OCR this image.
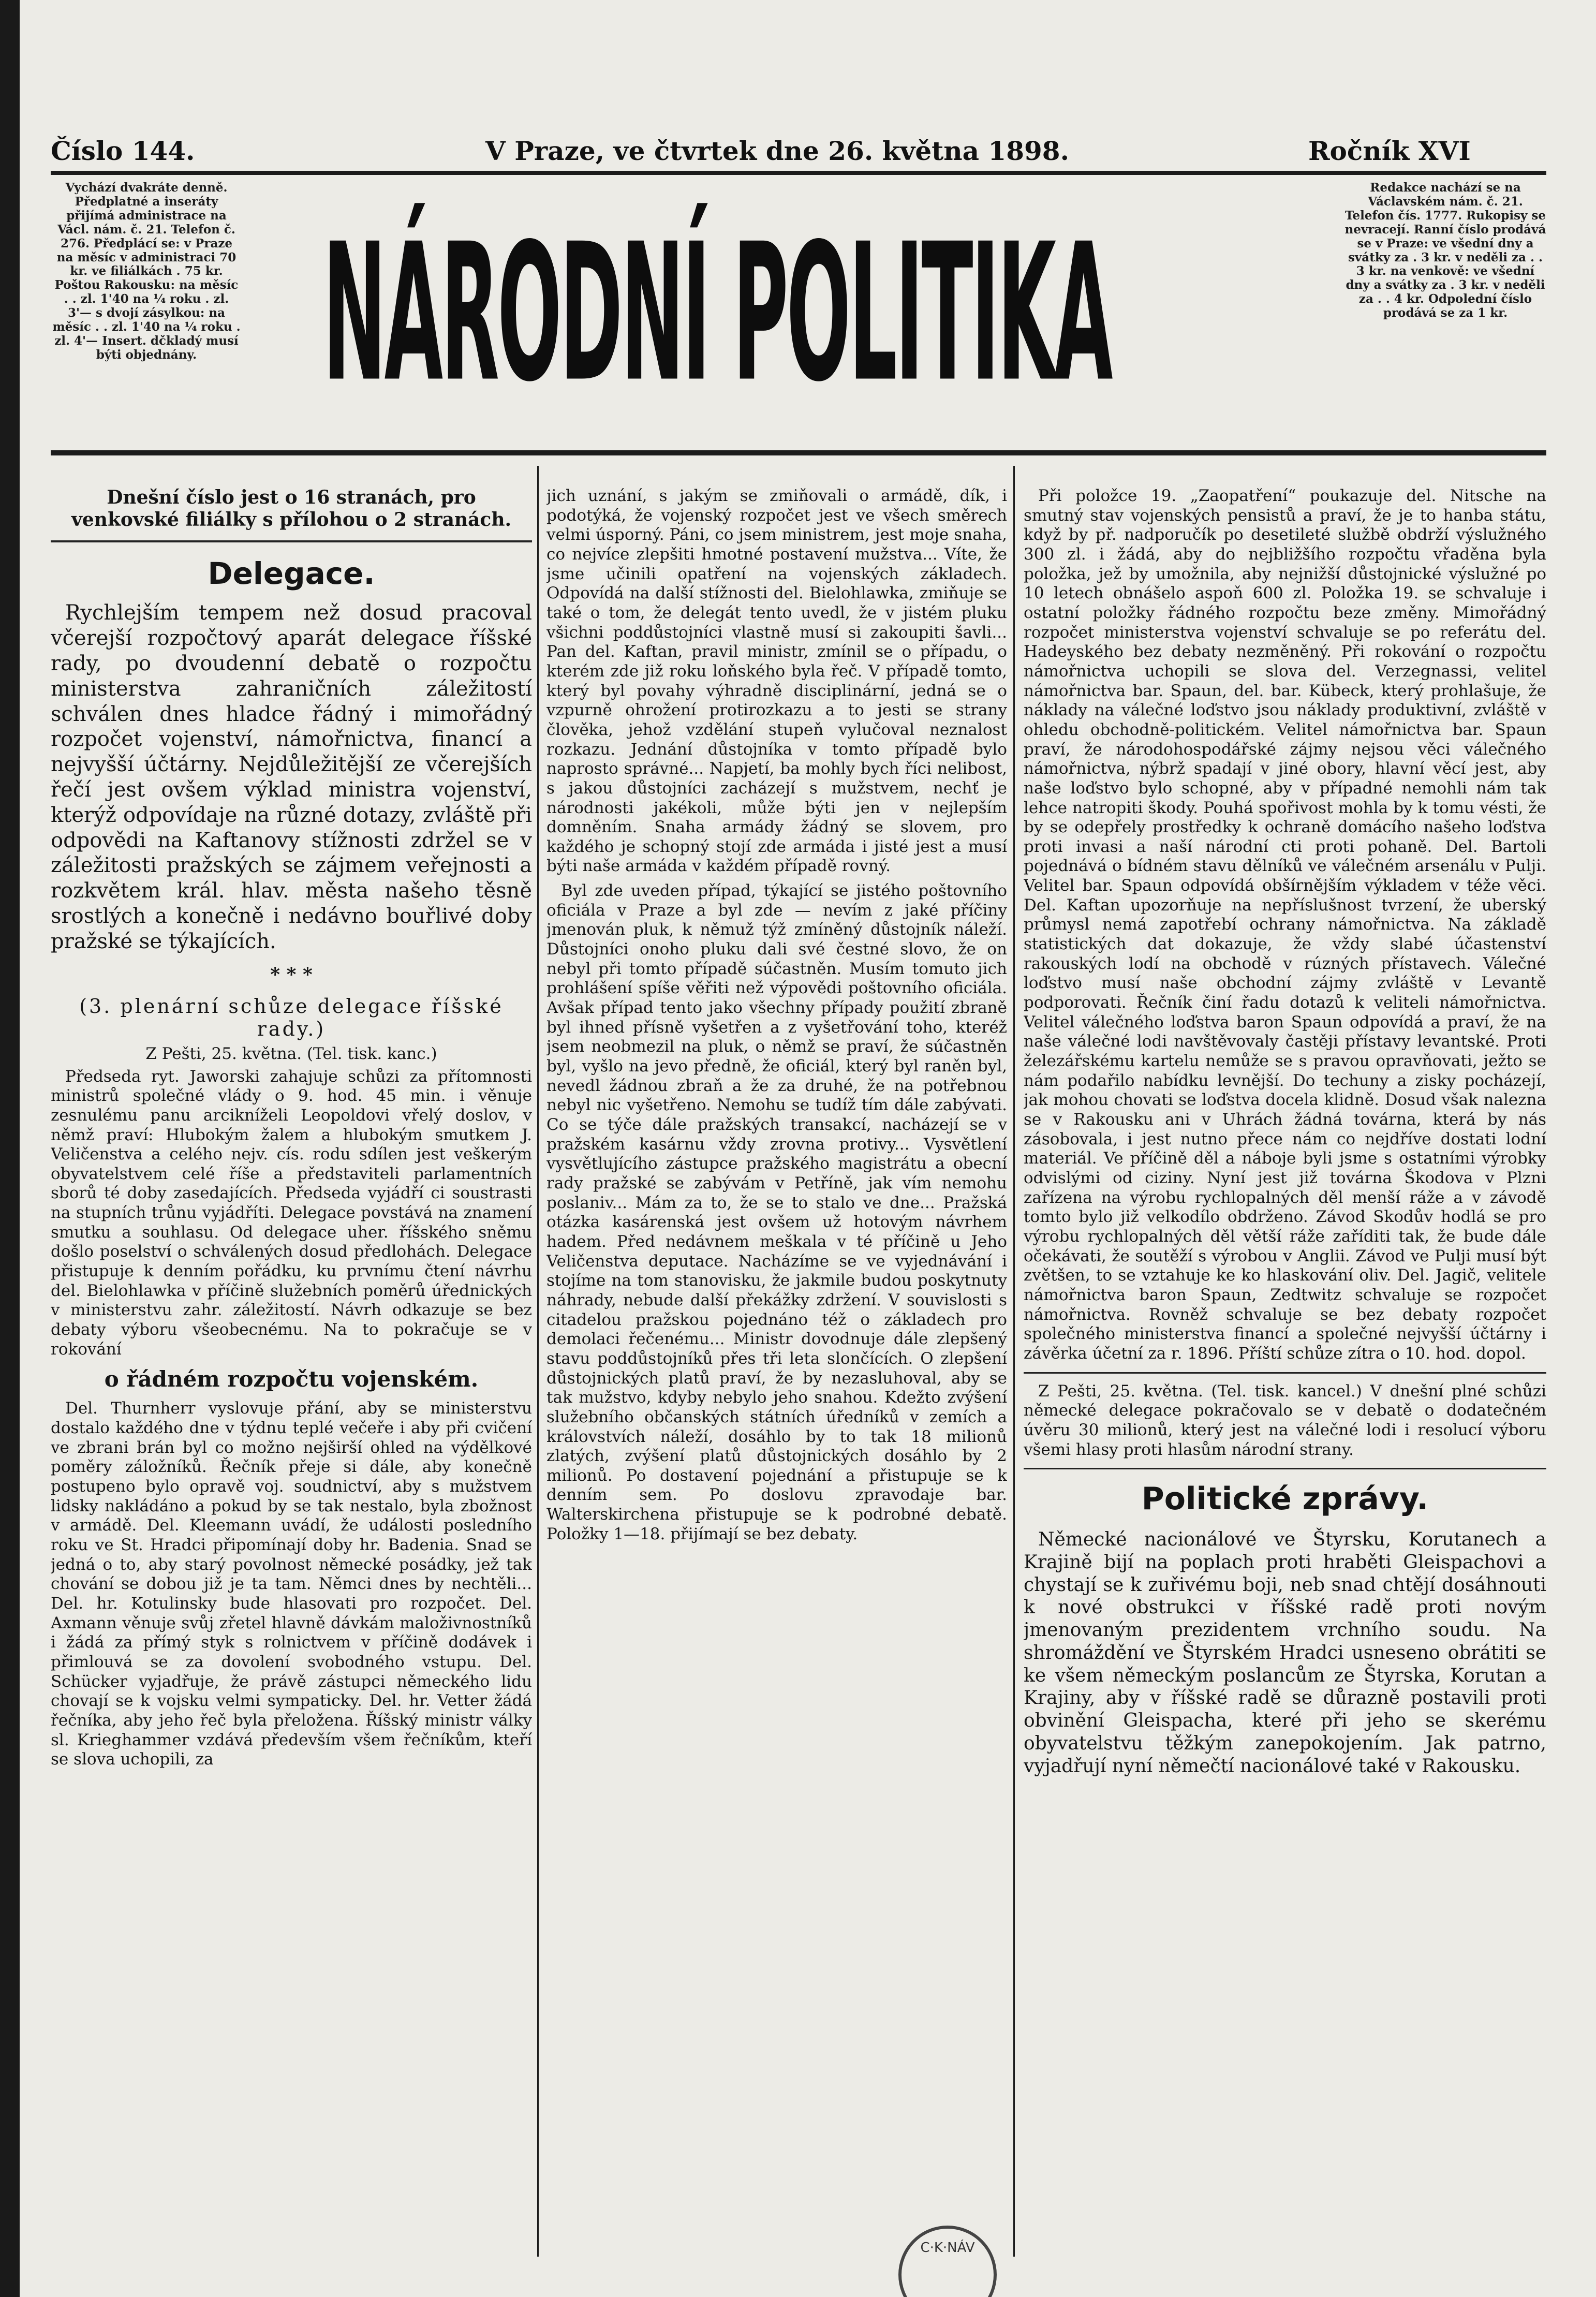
Číslo 144.	V Praze, ve čtvrtek dne 26. května 1898.	Ročník XVI
Vychází dvakráte denně. Předplatné a inseráty přijímá administrace na Václ. nám. č. 21. Telefon č. 276. Předplácí se: v Praze na měsíc v administraci 70 kr. ve filiálkách . 75 kr. Poštou Rakousku: na měsíc . . zl. 1'40 na ¼ roku . zl. 3'— s dvojí zásylkou: na měsíc . . zl. 1'40 na ¼ roku . zl. 4'— Insert. dčkladý musí býti objednány.	NÁRODNÍ POLITIKA
Redakce nachází se na Václavském nám. č. 21. Telefon čís. 1777. Rukopisy se nevracejí. Ranní číslo prodává se v Praze: ve všední dny a svátky za . 3 kr. v neděli za . . 3 kr. na venkově: ve všední dny a svátky za . 3 kr. v neděli za . . 4 kr. Odpolední číslo prodává se za 1 kr.

Dnešní číslo jest o 16 stranách, pro venkovské filiálky s přílohou o 2 stranách.

Delegace.

Rychlejším tempem než dosud pracoval včerejší rozpočtový aparát delegace říšské rady, po dvoudenní debatě o rozpočtu ministerstva zahraničních záležitostí schválen dnes hladce řádný i mimořádný rozpočet vojenství, námořnictva, financí a nejvyšší účtárny. Nejdůležitější ze včerejších řečí jest ovšem výklad ministra vojenství, kterýž odpovídaje na různé dotazy, zvláště při odpovědi na Kaftanovy stížnosti zdržel se v záležitosti pražských se zájmem veřejnosti a rozkvětem král. hlav. města našeho těsně srostlých a konečně i nedávno bouřlivé doby pražské se týkajících.

* * *

(3. plenární schůze delegace říšské rady.)

Z Pešti, 25. května. (Tel. tisk. kanc.)

Předseda ryt. Jaworski zahajuje schůzi za přítomnosti ministrů společné vlády o 9. hod. 45 min. i věnuje zesnulému panu arcikníželi Leopoldovi vřelý doslov, v němž praví: Hlubokým žalem a hlubokým smutkem J. Veličenstva a celého nejv. cís. rodu sdílen jest veškerým obyvatelstvem celé říše a představiteli parlamentních sborů té doby zasedajících. Předseda vyjádří ci soustrasti na stupních trůnu vyjádříti. Delegace povstává na znamení smutku a souhlasu. Od delegace uher. říšského sněmu došlo poselství o schválených dosud předlohách. Delegace přistupuje k denním pořádku, ku prvnímu čtení návrhu del. Bielohlawka v příčině služebních poměrů úřednických v ministerstvu zahr. záležitostí. Návrh odkazuje se bez debaty výboru všeobecnému. Na to pokračuje se v rokování

o řádném rozpočtu vojenském.

Del. Thurnherr vyslovuje přání, aby se ministerstvu dostalo každého dne v týdnu teplé večeře i aby při cvičení ve zbrani brán byl co možno nejširší ohled na výdělkové poměry záložníků. Řečník přeje si dále, aby konečně postupeno bylo opravě voj. soudnictví, aby s mužstvem lidsky nakládáno a pokud by se tak nestalo, byla zbožnost v armádě. Del. Kleemann uvádí, že události posledního roku ve St. Hradci připomínají doby hr. Badenia. Snad se jedná o to, aby starý povolnost německé posádky, jež tak chování se dobou již je ta tam. Němci dnes by nechtěli... Del. hr. Kotulinsky bude hlasovati pro rozpočet. Del. Axmann věnuje svůj zřetel hlavně dávkám maloživnostníků i žádá za přímý styk s rolnictvem v příčině dodávek i přimlouvá se za dovolení svobodného vstupu. Del. Schücker vyjadřuje, že právě zástupci německého lidu chovají se k vojsku velmi sympaticky. Del. hr. Vetter žádá řečníka, aby jeho řeč byla přeložena. Říšský ministr války sl. Krieghammer vzdává především všem řečníkům, kteří se slova uchopili, za

jich uznání, s jakým se zmiňovali o armádě, dík, i podotýká, že vojenský rozpočet jest ve všech směrech velmi úsporný. Páni, co jsem ministrem, jest moje snaha, co nejvíce zlepšiti hmotné postavení mužstva... Víte, že jsme učinili opatření na vojenských základech. Odpovídá na další stížnosti del. Bielohlawka, zmiňuje se také o tom, že delegát tento uvedl, že v jistém pluku všichni poddůstojníci vlastně musí si zakoupiti šavli... Pan del. Kaftan, pravil ministr, zmínil se o případu, o kterém zde již roku loňského byla řeč. V případě tomto, který byl povahy výhradně disciplinární, jedná se o vzpurně ohrožení protirozkazu a to jesti se strany člověka, jehož vzdělání stupeň vylučoval neznalost rozkazu. Jednání důstojníka v tomto případě bylo naprosto správné... Napjetí, ba mohly bych říci nelibost, s jakou důstojníci zacházejí s mužstvem, nechť je národnosti jakékoli, může býti jen v nejlepším domněním. Snaha armády žádný se slovem, pro každého je schopný stojí zde armáda i jisté jest a musí býti naše armáda v každém případě rovný.

Byl zde uveden případ, týkající se jistého poštovního oficiála v Praze a byl zde — nevím z jaké příčiny jmenován pluk, k němuž týž zmíněný důstojník náleží. Důstojníci onoho pluku dali své čestné slovo, že on nebyl při tomto případě súčastněn. Musím tomuto jich prohlášení spíše věřiti než výpovědi poštovního oficiála. Avšak případ tento jako všechny případy použití zbraně byl ihned přísně vyšetřen a z vyšetřování toho, kteréž jsem neobmezil na pluk, o němž se praví, že súčastněn byl, vyšlo na jevo předně, že oficiál, který byl raněn byl, nevedl žádnou zbraň a že za druhé, že na potřebnou nebyl nic vyšetřeno. Nemohu se tudíž tím dále zabývati. Co se týče dále pražských transakcí, nacházejí se v pražském kasárnu vždy zrovna protivy... Vysvětlení vysvětlujícího zástupce pražského magistrátu a obecní rady pražské se zabývám v Petříně, jak vím nemohu poslaniv... Mám za to, že se to stalo ve dne... Pražská otázka kasárenská jest ovšem už hotovým návrhem hadem. Před nedávnem meškala v té příčině u Jeho Veličenstva deputace. Nacházíme se ve vyjednávání i stojíme na tom stanovisku, že jakmile budou poskytnuty náhrady, nebude další překážky zdržení. V souvislosti s citadelou pražskou pojednáno též o základech pro demolaci řečenému... Ministr dovodnuje dále zlepšený stavu poddůstojníků přes tři leta slončících. O zlepšení důstojnických platů praví, že by nezasluhoval, aby se tak mužstvo, kdyby nebylo jeho snahou. Kdežto zvýšení služebního občanských státních úředníků v zemích a královstvích náleží, dosáhlo by to tak 18 milionů zlatých, zvýšení platů důstojnických dosáhlo by 2 milionů. Po dostavení pojednání a přistupuje se k denním sem. Po doslovu zpravodaje bar. Walterskirchena přistupuje se k podrobné debatě. Položky 1—18. přijímají se bez debaty.

Při položce 19. „Zaopatření“ poukazuje del. Nitsche na smutný stav vojenských pensistů a praví, že je to hanba státu, když by př. nadporučík po desetileté službě obdrží výslužného 300 zl. i žádá, aby do nejbližšího rozpočtu vřaděna byla položka, jež by umožnila, aby nejnižší důstojnické výslužné po 10 letech obnášelo aspoň 600 zl. Položka 19. se schvaluje i ostatní položky řádného rozpočtu beze změny. Mimořádný rozpočet ministerstva vojenství schvaluje se po referátu del. Hadeyského bez debaty nezměněný. Při rokování o rozpočtu námořnictva uchopili se slova del. Verzegnassi, velitel námořnictva bar. Spaun, del. bar. Kübeck, který prohlašuje, že náklady na válečné loďstvo jsou náklady produktivní, zvláště v ohledu obchodně-politickém. Velitel námořnictva bar. Spaun praví, že národohospodářské zájmy nejsou věci válečného námořnictva, nýbrž spadají v jiné obory, hlavní věcí jest, aby naše loďstvo bylo schopné, aby v případné nemohli nám tak lehce natropiti škody. Pouhá spořivost mohla by k tomu vésti, že by se odepřely prostředky k ochraně domácího našeho loďstva proti invasi a naší národní cti proti pohaně. Del. Bartoli pojednává o bídném stavu dělníků ve válečném arsenálu v Pulji. Velitel bar. Spaun odpovídá obšírnějším výkladem v téže věci. Del. Kaftan upozorňuje na nepříslušnost tvrzení, že uberský průmysl nemá zapotřebí ochrany námořnictva. Na základě statistických dat dokazuje, že vždy slabé účastenství rakouských lodí na obchodě v rúzných přístavech. Válečné loďstvo musí naše obchodní zájmy zvláště v Levantě podporovati. Řečník činí řadu dotazů k veliteli námořnictva. Velitel válečného loďstva baron Spaun odpovídá a praví, že na naše válečné lodi navštěvovaly častěji přístavy levantské. Proti železářskému kartelu nemůže se s pravou opravňovati, ježto se nám podařilo nabídku levnější. Do techuny a zisky pocházejí, jak mohou chovati se loďstva docela klidně. Dosud však nalezna se v Rakousku ani v Uhrách žádná továrna, která by nás zásobovala, i jest nutno přece nám co nejdříve dostati lodní materiál. Ve příčině děl a náboje byli jsme s ostatními výrobky odvislými od ciziny. Nyní jest již továrna Škodova v Plzni zařízena na výrobu rychlopalných děl menší ráže a v závodě tomto bylo již velkodílo obdrženo. Závod Skodův hodlá se pro výrobu rychlopalných děl větší ráže zaříditi tak, že bude dále očekávati, že soutěží s výrobou v Anglii. Závod ve Pulji musí být zvětšen, to se vztahuje ke ko hlaskování oliv. Del. Jagič, velitele námořnictva baron Spaun, Zedtwitz schvaluje se rozpočet námořnictva. Rovněž schvaluje se bez debaty rozpočet společného ministerstva financí a společné nejvyšší účtárny i závěrka účetní za r. 1896. Příští schůze zítra o 10. hod. dopol.

Z Pešti, 25. května. (Tel. tisk. kancel.) V dnešní plné schůzi německé delegace pokračovalo se v debatě o dodatečném úvěru 30 milionů, který jest na válečné lodi i resolucí výboru všemi hlasy proti hlasům národní strany.

Politické zprávy.

Německé nacionálové ve Štyrsku, Korutanech a Krajině bijí na poplach proti hraběti Gleispachovi a chystají se k zuřivému boji, neb snad chtějí dosáhnouti k nové obstrukci v říšské radě proti novým jmenovaným prezidentem vrchního soudu. Na shromáždění ve Štyrském Hradci usneseno obrátiti se ke všem německým poslancům ze Štyrska, Korutan a Krajiny, aby v říšské radě se důrazně postavili proti obvinění Gleispacha, které při jeho se skerému obyvatelstvu těžkým zanepokojením. Jak patrno, vyjadřují nyní němečtí nacionálové také v Rakousku.

C·K·NÁV
